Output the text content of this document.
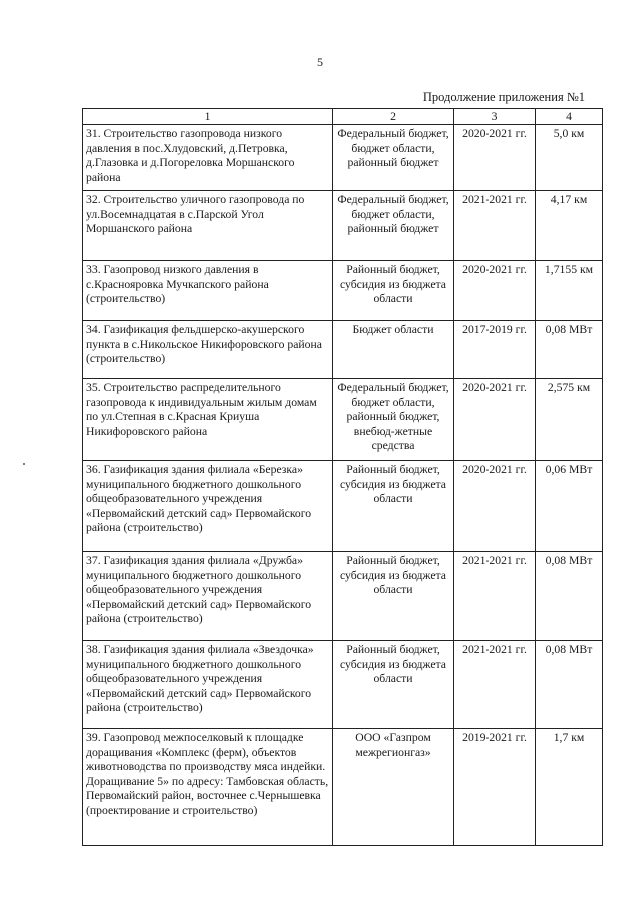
5
Продолжение приложения №1
1	2	3	4
31. Строительство газопровода низкого давления в пос.Хлудовский, д.Петровка, д.Глазовка и д.Погореловка Моршанского района	Федеральный бюджет, бюджет области, районный бюджет	2020-2021 гг.	5,0 км
32. Строительство уличного газопровода по ул.Восемнадцатая в с.Парской Угол Моршанского района	Федеральный бюджет, бюджет области, районный бюджет	2021-2021 гг.	4,17 км
33. Газопровод низкого давления в с.Краснояровка Мучкапского района (строительство)	Районный бюджет, субсидия из бюджета области	2020-2021 гг.	1,7155 км
34. Газификация фельдшерско-акушерского пункта в с.Никольское Никифоровского района (строительство)	Бюджет области	2017-2019 гг.	0,08 МВт
35. Строительство распределительного газопровода к индивидуальным жилым домам по ул.Степная в с.Красная Криуша Никифоровского района	Федеральный бюджет, бюджет области, районный бюджет, внебюд-жетные средства	2020-2021 гг.	2,575 км
36. Газификация здания филиала «Березка» муниципального бюджетного дошкольного общеобразовательного учреждения «Первомайский детский сад» Первомайского района (строительство)	Районный бюджет, субсидия из бюджета области	2020-2021 гг.	0,06 МВт
37. Газификация здания филиала «Дружба» муниципального бюджетного дошкольного общеобразовательного учреждения «Первомайский детский сад» Первомайского района (строительство)	Районный бюджет, субсидия из бюджета области	2021-2021 гг.	0,08 МВт
38. Газификация здания филиала «Звездочка» муниципального бюджетного дошкольного общеобразовательного учреждения «Первомайский детский сад» Первомайского района (строительство)	Районный бюджет, субсидия из бюджета области	2021-2021 гг.	0,08 МВт
39. Газопровод межпоселковый к площадке доращивания «Комплекс (ферм), объектов животноводства по производству мяса индейки. Доращивание 5» по адресу: Тамбовская область, Первомайский район, восточнее с.Чернышевка (проектирование и строительство)	ООО «Газпром межрегионгаз»	2019-2021 гг.	1,7 км
